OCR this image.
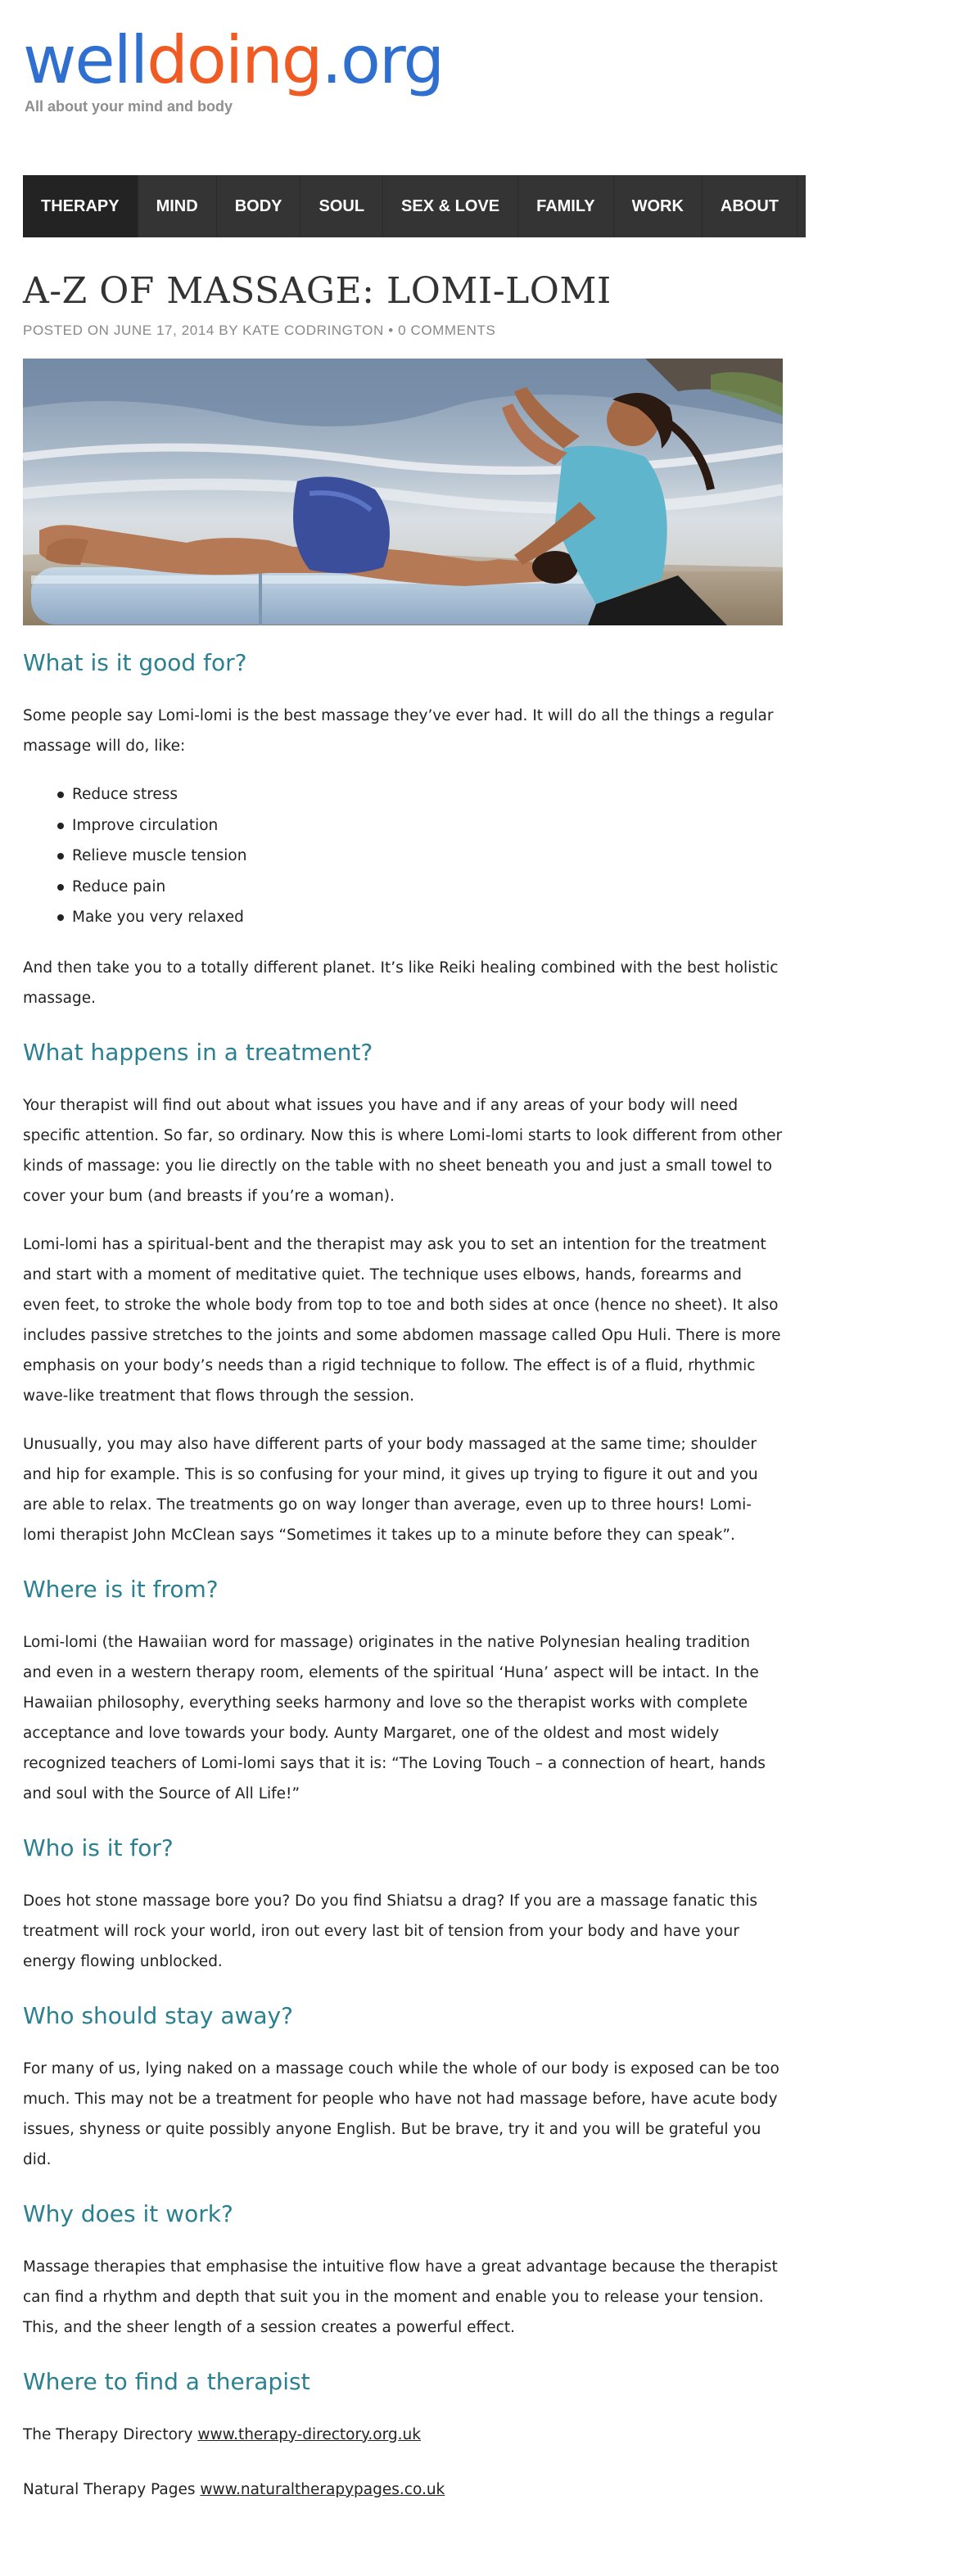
welldoing.org
All about your mind and body
THERAPY	MIND	BODY	SOUL	SEX & LOVE	FAMILY	WORK	ABOUT	FOR THERAPISTS
A-Z OF MASSAGE: LOMI-LOMI
POSTED ON JUNE 17, 2014 BY KATE CODRINGTON • 0 COMMENTS
What is it good for?

Some people say Lomi-lomi is the best massage they’ve ever had. It will do all the things a regular massage will do, like:

Reduce stress
Improve circulation
Relieve muscle tension
Reduce pain
Make you very relaxed

And then take you to a totally different planet. It’s like Reiki healing combined with the best holistic massage.

What happens in a treatment?

Your therapist will find out about what issues you have and if any areas of your body will need specific attention. So far, so ordinary. Now this is where Lomi-lomi starts to look different from other kinds of massage: you lie directly on the table with no sheet beneath you and just a small towel to cover your bum (and breasts if you’re a woman).

Lomi-lomi has a spiritual-bent and the therapist may ask you to set an intention for the treatment and start with a moment of meditative quiet. The technique uses elbows, hands, forearms and even feet, to stroke the whole body from top to toe and both sides at once (hence no sheet). It also includes passive stretches to the joints and some abdomen massage called Opu Huli. There is more emphasis on your body’s needs than a rigid technique to follow. The effect is of a fluid, rhythmic wave-like treatment that flows through the session.

Unusually, you may also have different parts of your body massaged at the same time; shoulder and hip for example. This is so confusing for your mind, it gives up trying to figure it out and you are able to relax. The treatments go on way longer than average, even up to three hours! Lomi-lomi therapist John McClean says “Sometimes it takes up to a minute before they can speak”.

Where is it from?

Lomi-lomi (the Hawaiian word for massage) originates in the native Polynesian healing tradition and even in a western therapy room, elements of the spiritual ‘Huna’ aspect will be intact. In the Hawaiian philosophy, everything seeks harmony and love so the therapist works with complete acceptance and love towards your body. Aunty Margaret, one of the oldest and most widely recognized teachers of Lomi-lomi says that it is: “The Loving Touch – a connection of heart, hands and soul with the Source of All Life!”

Who is it for?

Does hot stone massage bore you? Do you find Shiatsu a drag? If you are a massage fanatic this treatment will rock your world, iron out every last bit of tension from your body and have your energy flowing unblocked.

Who should stay away?

For many of us, lying naked on a massage couch while the whole of our body is exposed can be too much. This may not be a treatment for people who have not had massage before, have acute body issues, shyness or quite possibly anyone English. But be brave, try it and you will be grateful you did.

Why does it work?

Massage therapies that emphasise the intuitive flow have a great advantage because the therapist can find a rhythm and depth that suit you in the moment and enable you to release your tension. This, and the sheer length of a session creates a powerful effect.

Where to find a therapist
The Therapy Directory www.therapy-directory.org.uk
Natural Therapy Pages www.naturaltherapypages.co.uk
